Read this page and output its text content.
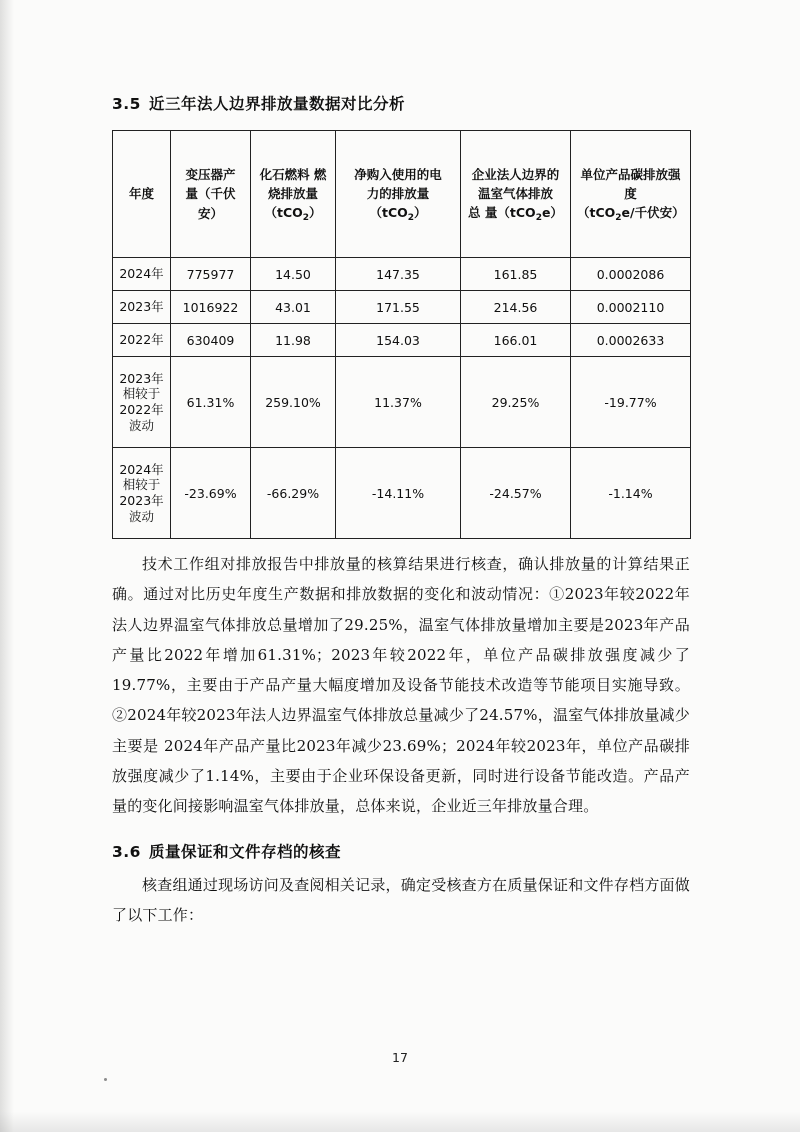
3.5 近三年法人边界排放量数据对比分析
年度	变压器产
量（千伏
安）	化石燃料 燃
烧排放量
（tCO$_2$）	净购入使用的电
力的排放量
（tCO$_2$）	企业法人边界的
温室气体排放
总 量（tCO$_2$e）	单位产品碳排放强
度
（tCO$_2$e/千伏安）
2024年	775977	14.50	147.35	161.85	0.0002086
2023年	1016922	43.01	171.55	214.56	0.0002110
2022年	630409	11.98	154.03	166.01	0.0002633
2023年
相较于
2022年
波动	61.31%	259.10%	11.37%	29.25%	-19.77%
2024年
相较于
2023年
波动	-23.69%	-66.29%	-14.11%	-24.57%	-1.14%

技术工作组对排放报告中排放量的核算结果进行核查，确认排放量的计算结果正确。通过对比历史年度生产数据和排放数据的变化和波动情况：①2023年较2022年法人边界温室气体排放总量增加了29.25%，温室气体排放量增加主要是2023年产品产量比2022年增加61.31%；2023年较2022年，单位产品碳排放强度减少了19.77%，主要由于产品产量大幅度增加及设备节能技术改造等节能项目实施导致。②2024年较2023年法人边界温室气体排放总量减少了24.57%，温室气体排放量减少主要是 2024年产品产量比2023年减少23.69%；2024年较2023年，单位产品碳排放强度减少了1.14%，主要由于企业环保设备更新，同时进行设备节能改造。产品产量的变化间接影响温室气体排放量，总体来说，企业近三年排放量合理。

3.6 质量保证和文件存档的核查

核查组通过现场访问及查阅相关记录，确定受核查方在质量保证和文件存档方面做了以下工作：

17
